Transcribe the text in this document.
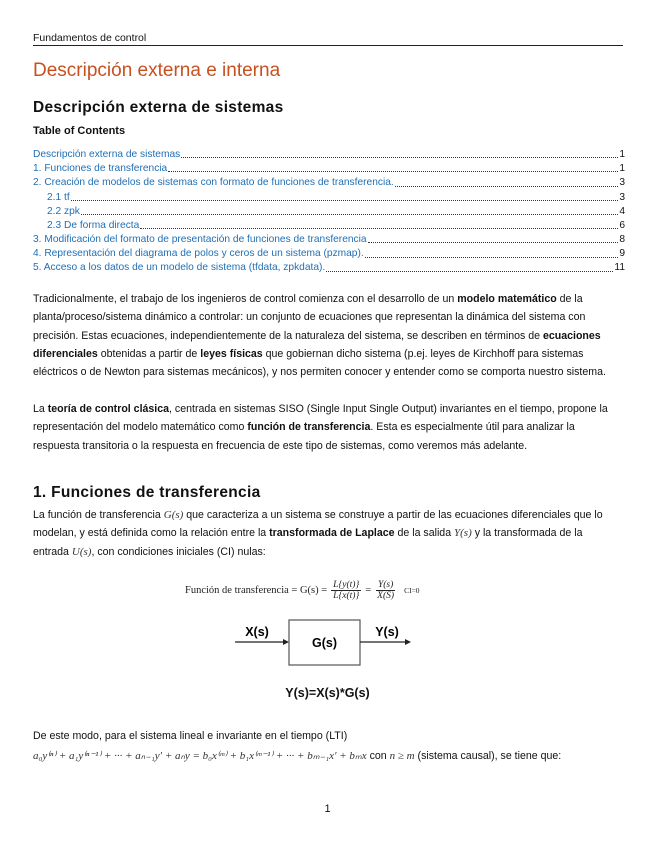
Fundamentos de control
Descripción externa e interna
Descripción externa de sistemas
Table of Contents
Descripción externa de sistemas	1
1. Funciones de transferencia	1
2. Creación de modelos de sistemas con formato de funciones de transferencia.	3
2.1 tf	3
2.2 zpk	4
2.3 De forma directa	6
3. Modificación del formato de presentación de funciones de transferencia	8
4. Representación del diagrama de polos y ceros de un sistema (pzmap).	9
5. Acceso a los datos de un modelo de sistema (tfdata, zpkdata).	11

Tradicionalmente, el trabajo de los ingenieros de control comienza con el desarrollo de un modelo matemático de la planta/proceso/sistema dinámico a controlar: un conjunto de ecuaciones que representan la dinámica del sistema con precisión. Estas ecuaciones, independientemente de la naturaleza del sistema, se describen en términos de ecuaciones diferenciales obtenidas a partir de leyes físicas que gobiernan dicho sistema (p.ej. leyes de Kirchhoff para sistemas eléctricos o de Newton para sistemas mecánicos), y nos permiten conocer y entender como se comporta nuestro sistema.

La teoría de control clásica, centrada en sistemas SISO (Single Input Single Output) invariantes en el tiempo, propone la representación del modelo matemático como función de transferencia. Esta es especialmente útil para analizar la respuesta transitoria o la respuesta en frecuencia de este tipo de sistemas, como veremos más adelante.

1. Funciones de transferencia

La función de transferencia G(s) que caracteriza a un sistema se construye a partir de las ecuaciones diferenciales que lo modelan, y está definida como la relación entre la transformada de Laplace de la salida Y(s) y la transformada de la entrada U(s), con condiciones iniciales (CI) nulas:

Función de transferencia = $G(s) = \frac{L\{y(t)\}}{L\{x(t)\}} = \frac{Y(s)}{X(S)} CI=0$
X(s)
G(s)
Y(s)
Y(s)=X(s)*G(s)

De este modo, para el sistema lineal e invariante en el tiempo (LTI)

a₀y⁽ⁿ⁾ + a₁y⁽ⁿ⁻¹⁾ + ··· + aₙ₋₁y′ + aₙy = b₀x⁽ᵐ⁾ + b₁x⁽ᵐ⁻¹⁾ + ··· + bₘ₋₁x′ + bₘx con n ≥ m (sistema causal), se tiene que:
1
